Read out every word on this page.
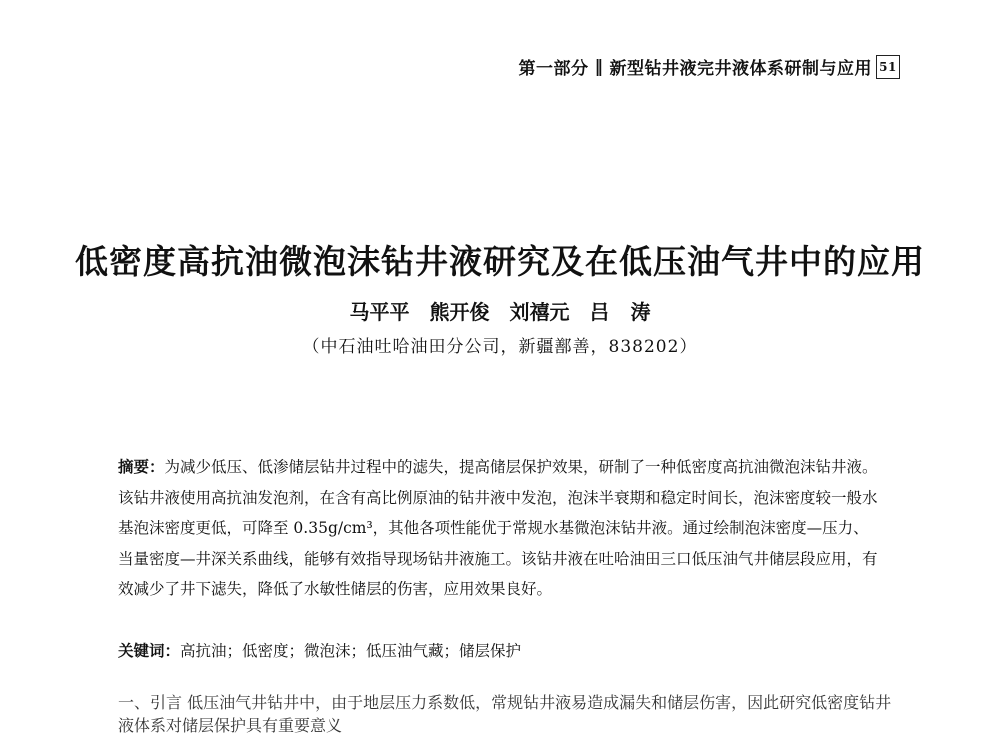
第一部分 ‖ 新型钻井液完井液体系研制与应用 51
低密度高抗油微泡沫钻井液研究及在低压油气井中的应用
马平平　熊开俊　刘禧元　吕 涛
（中石油吐哈油田分公司，新疆鄯善，838202）
摘要：为减少低压、低渗储层钻井过程中的滤失，提高储层保护效果，研制了一种低密度高抗油微泡沫钻井液。该钻井液使用高抗油发泡剂，在含有高比例原油的钻井液中发泡，泡沫半衰期和稳定时间长，泡沫密度较一般水基泡沫密度更低，可降至 0.35g/cm³，其他各项性能优于常规水基微泡沫钻井液。通过绘制泡沫密度—压力、当量密度—井深关系曲线，能够有效指导现场钻井液施工。该钻井液在吐哈油田三口低压油气井储层段应用，有效减少了井下滤失，降低了水敏性储层的伤害，应用效果良好。
关键词：高抗油；低密度；微泡沫；低压油气藏；储层保护
一、引言 低压油气井钻井中，由于地层压力系数低，常规钻井液易造成漏失和储层伤害，因此研究低密度钻井液体系对储层保护具有重要意义
